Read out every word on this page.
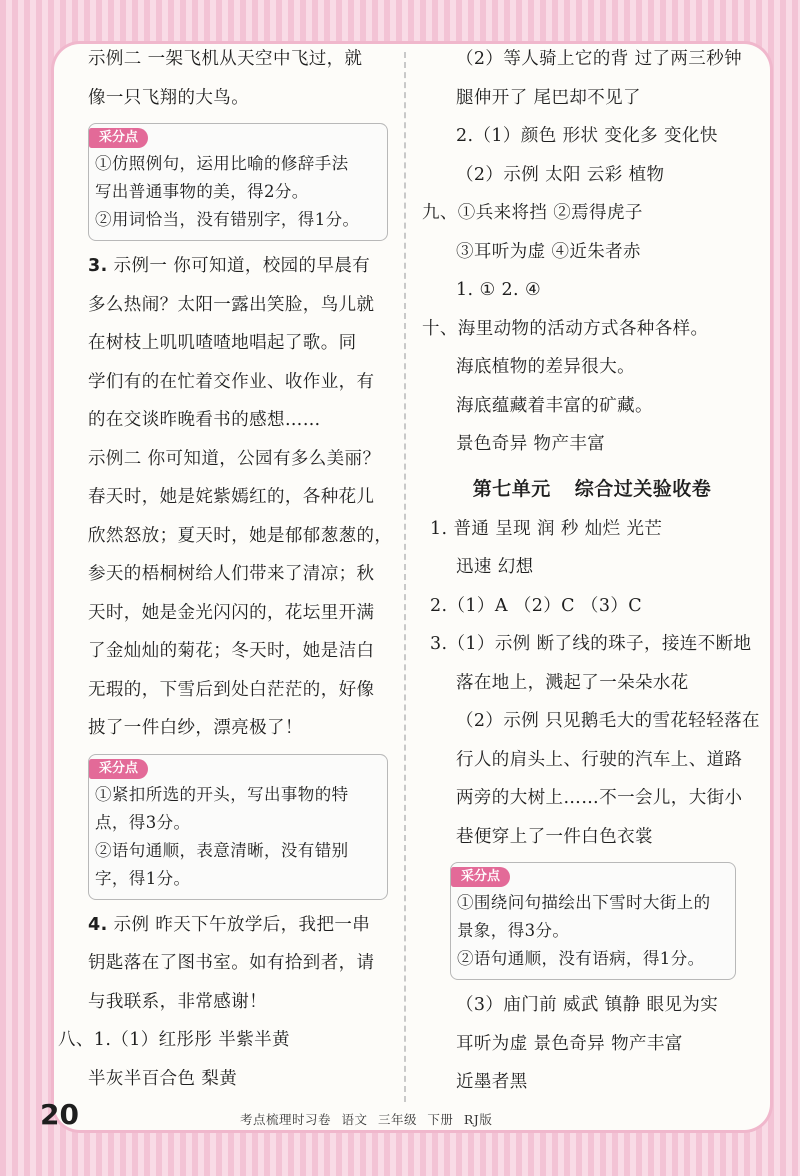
示例二 一架飞机从天空中飞过，就
像一只飞翔的大鸟。
采分点
①仿照例句，运用比喻的修辞手法
写出普通事物的美，得2分。
②用词恰当，没有错别字，得1分。
3. 示例一 你可知道，校园的早晨有
多么热闹？太阳一露出笑脸，鸟儿就
在树枝上叽叽喳喳地唱起了歌。同
学们有的在忙着交作业、收作业，有
的在交谈昨晚看书的感想……
示例二 你可知道，公园有多么美丽？
春天时，她是姹紫嫣红的，各种花儿
欣然怒放；夏天时，她是郁郁葱葱的，
参天的梧桐树给人们带来了清凉；秋
天时，她是金光闪闪的，花坛里开满
了金灿灿的菊花；冬天时，她是洁白
无瑕的，下雪后到处白茫茫的，好像
披了一件白纱，漂亮极了！
采分点
①紧扣所选的开头，写出事物的特
点，得3分。
②语句通顺，表意清晰，没有错别
字，得1分。
4. 示例 昨天下午放学后，我把一串
钥匙落在了图书室。如有拾到者，请
与我联系，非常感谢！
八、1.（1）红彤彤 半紫半黄
半灰半百合色 梨黄
（2）等人骑上它的背 过了两三秒钟
腿伸开了 尾巴却不见了
2.（1）颜色 形状 变化多 变化快
（2）示例 太阳 云彩 植物
九、①兵来将挡 ②焉得虎子
③耳听为虚 ④近朱者赤
1. ① 2. ④
十、海里动物的活动方式各种各样。
海底植物的差异很大。
海底蕴藏着丰富的矿藏。
景色奇异 物产丰富
第七单元 综合过关验收卷
1. 普通 呈现 润 秒 灿烂 光芒
迅速 幻想
2.（1）A （2）C （3）C
3.（1）示例 断了线的珠子，接连不断地
落在地上，溅起了一朵朵水花
（2）示例 只见鹅毛大的雪花轻轻落在
行人的肩头上、行驶的汽车上、道路
两旁的大树上……不一会儿，大街小
巷便穿上了一件白色衣裳
采分点
①围绕问句描绘出下雪时大街上的
景象，得3分。
②语句通顺，没有语病，得1分。
（3）庙门前 威武 镇静 眼见为实
耳听为虚 景色奇异 物产丰富
近墨者黑
20	考点梳理时习卷 语文 三年级 下册 RJ版
